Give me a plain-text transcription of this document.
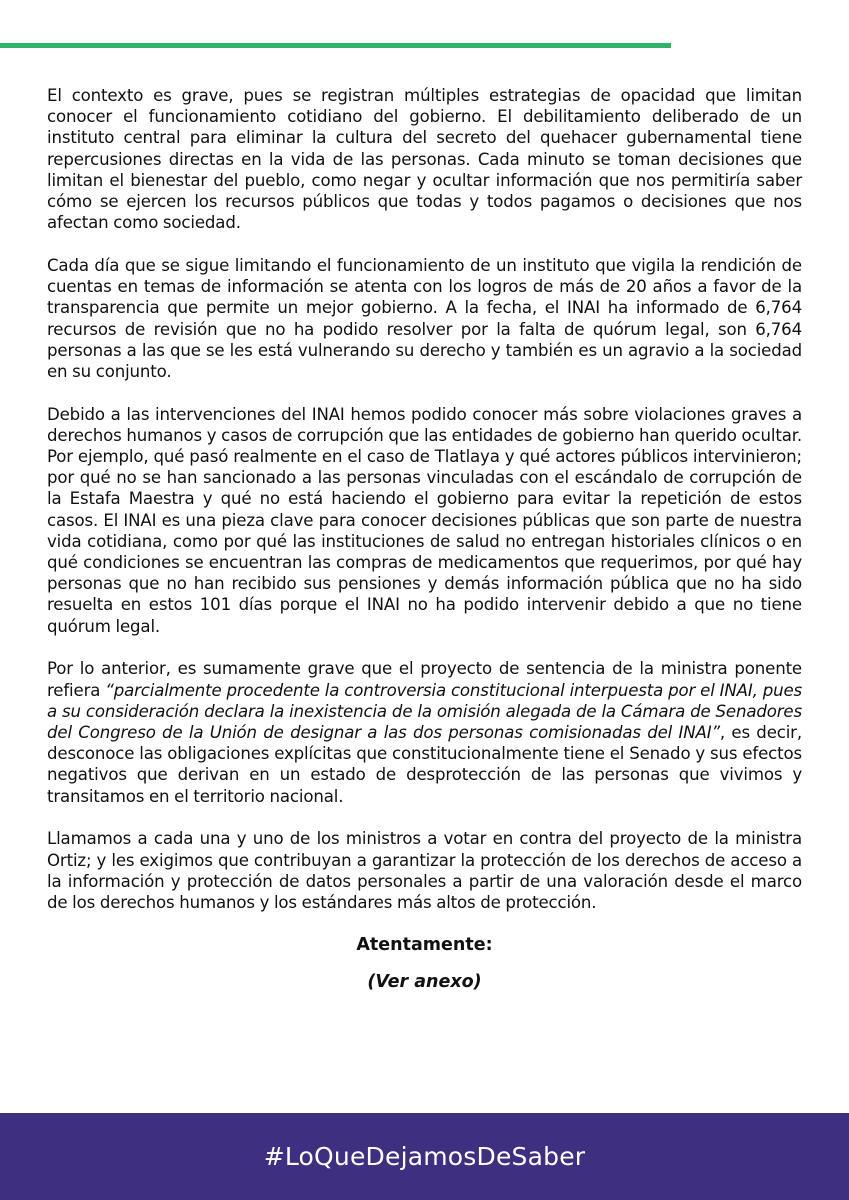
El contexto es grave, pues se registran múltiples estrategias de opacidad que limitan conocer el funcionamiento cotidiano del gobierno. El debilitamiento deliberado de un instituto central para eliminar la cultura del secreto del quehacer gubernamental tiene repercusiones directas en la vida de las personas. Cada minuto se toman decisiones que limitan el bienestar del pueblo, como negar y ocultar información que nos permitiría saber cómo se ejercen los recursos públicos que todas y todos pagamos o decisiones que nos afectan como sociedad.

Cada día que se sigue limitando el funcionamiento de un instituto que vigila la rendición de cuentas en temas de información se atenta con los logros de más de 20 años a favor de la transparencia que permite un mejor gobierno. A la fecha, el INAI ha informado de 6,764 recursos de revisión que no ha podido resolver por la falta de quórum legal, son 6,764 personas a las que se les está vulnerando su derecho y también es un agravio a la sociedad en su conjunto.

Debido a las intervenciones del INAI hemos podido conocer más sobre violaciones graves a derechos humanos y casos de corrupción que las entidades de gobierno han querido ocultar. Por ejemplo, qué pasó realmente en el caso de Tlatlaya y qué actores públicos intervinieron; por qué no se han sancionado a las personas vinculadas con el escándalo de corrupción de la Estafa Maestra y qué no está haciendo el gobierno para evitar la repetición de estos casos. El INAI es una pieza clave para conocer decisiones públicas que son parte de nuestra vida cotidiana, como por qué las instituciones de salud no entregan historiales clínicos o en qué condiciones se encuentran las compras de medicamentos que requerimos, por qué hay personas que no han recibido sus pensiones y demás información pública que no ha sido resuelta en estos 101 días porque el INAI no ha podido intervenir debido a que no tiene quórum legal.

Por lo anterior, es sumamente grave que el proyecto de sentencia de la ministra ponente refiera “parcialmente procedente la controversia constitucional interpuesta por el INAI, pues a su consideración declara la inexistencia de la omisión alegada de la Cámara de Senadores del Congreso de la Unión de designar a las dos personas comisionadas del INAI”, es decir, desconoce las obligaciones explícitas que constitucionalmente tiene el Senado y sus efectos negativos que derivan en un estado de desprotección de las personas que vivimos y transitamos en el territorio nacional.

Llamamos a cada una y uno de los ministros a votar en contra del proyecto de la ministra Ortiz; y les exigimos que contribuyan a garantizar la protección de los derechos de acceso a la información y protección de datos personales a partir de una valoración desde el marco de los derechos humanos y los estándares más altos de protección.

Atentamente:
(Ver anexo)
#LoQueDejamosDeSaber
